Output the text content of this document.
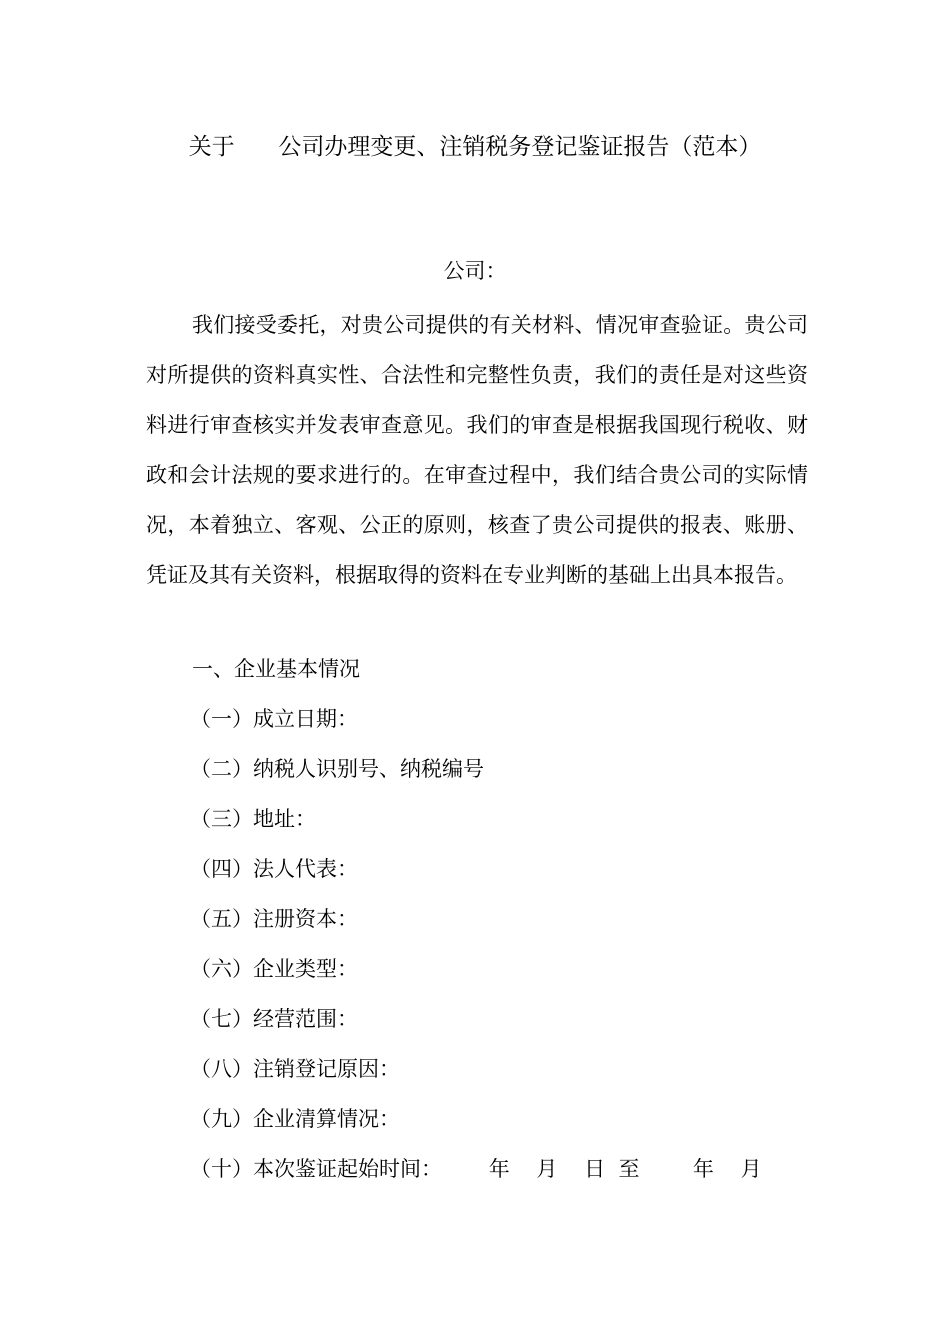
关于      公司办理变更、注销税务登记鉴证报告（范本）
公司：
我们接受委托，对贵公司提供的有关材料、情况审查验证。贵公司对所提供的资料真实性、合法性和完整性负责，我们的责任是对这些资料进行审查核实并发表审查意见。我们的审查是根据我国现行税收、财政和会计法规的要求进行的。在审查过程中，我们结合贵公司的实际情况，本着独立、客观、公正的原则，核查了贵公司提供的报表、账册、凭证及其有关资料，根据取得的资料在专业判断的基础上出具本报告。
一、企业基本情况
（一）成立日期：
（二）纳税人识别号、纳税编号
（三）地址：
（四）法人代表：
（五）注册资本：
（六）企业类型：
（七）经营范围：
（八）注销登记原因：
（九）企业清算情况：
（十）本次鉴证起始时间：       年    月    日  至        年    月
